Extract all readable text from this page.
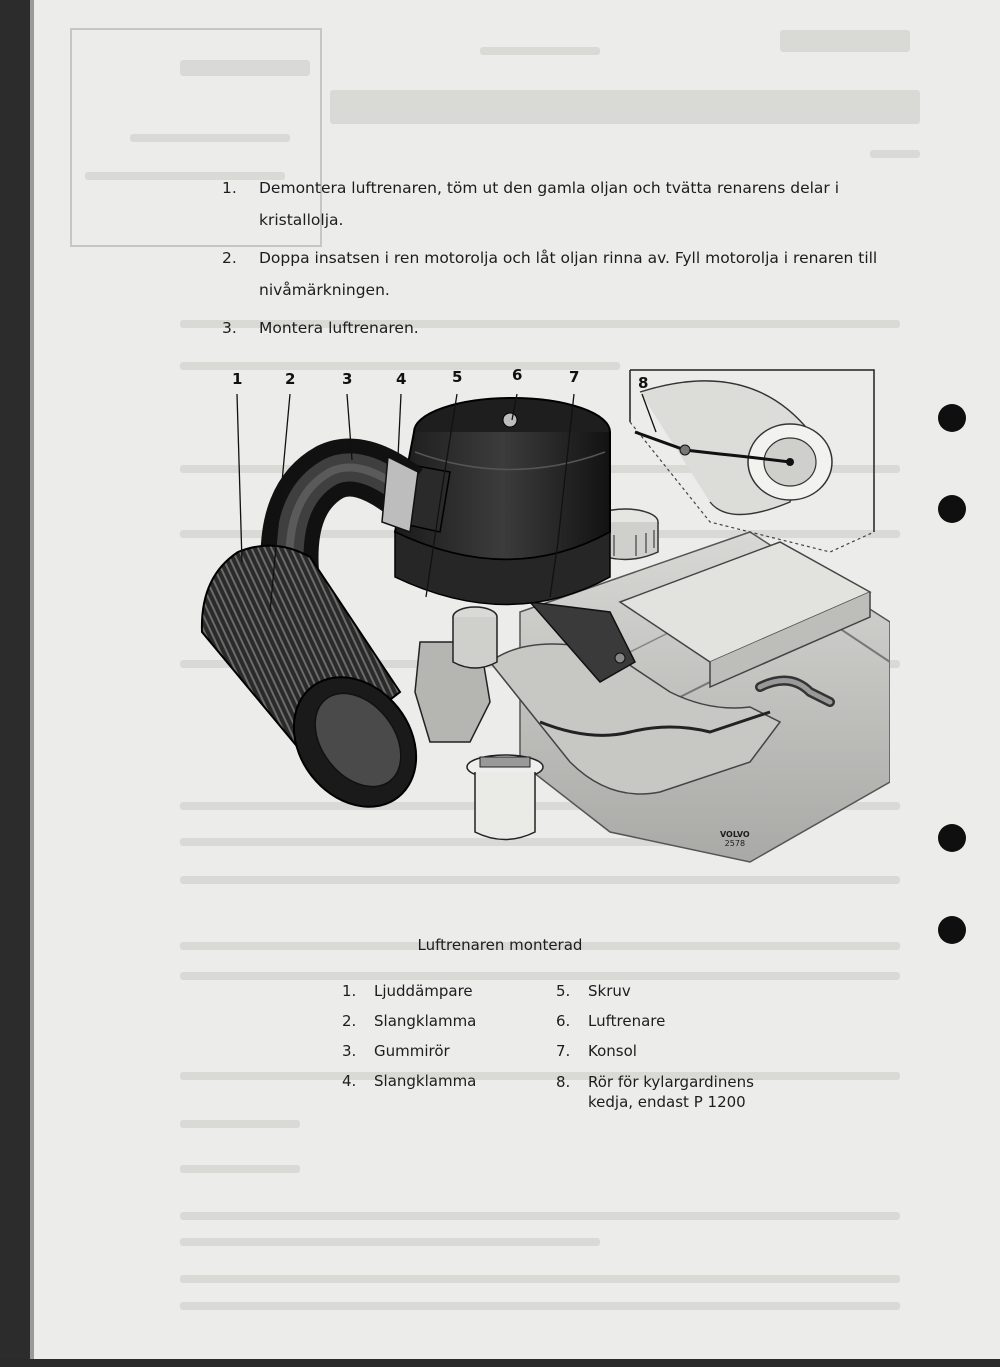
1.	Demontera luftrenaren, töm ut den gamla oljan och tvätta renarens delar i kristallolja.
2.	Doppa insatsen i ren motorolja och låt oljan rinna av. Fyll motorolja i renaren till nivåmärkningen.
3.	Montera luftrenaren.
1	2	3	4	5	6	7	8
VOLVO
2578
Luftrenaren monterad
1.	Ljuddämpare
2.	Slangklamma
3.	Gummirör
4.	Slangklamma
5.	Skruv
6.	Luftrenare
7.	Konsol
8.	Rör för kylargardinens kedja, endast P 1200
